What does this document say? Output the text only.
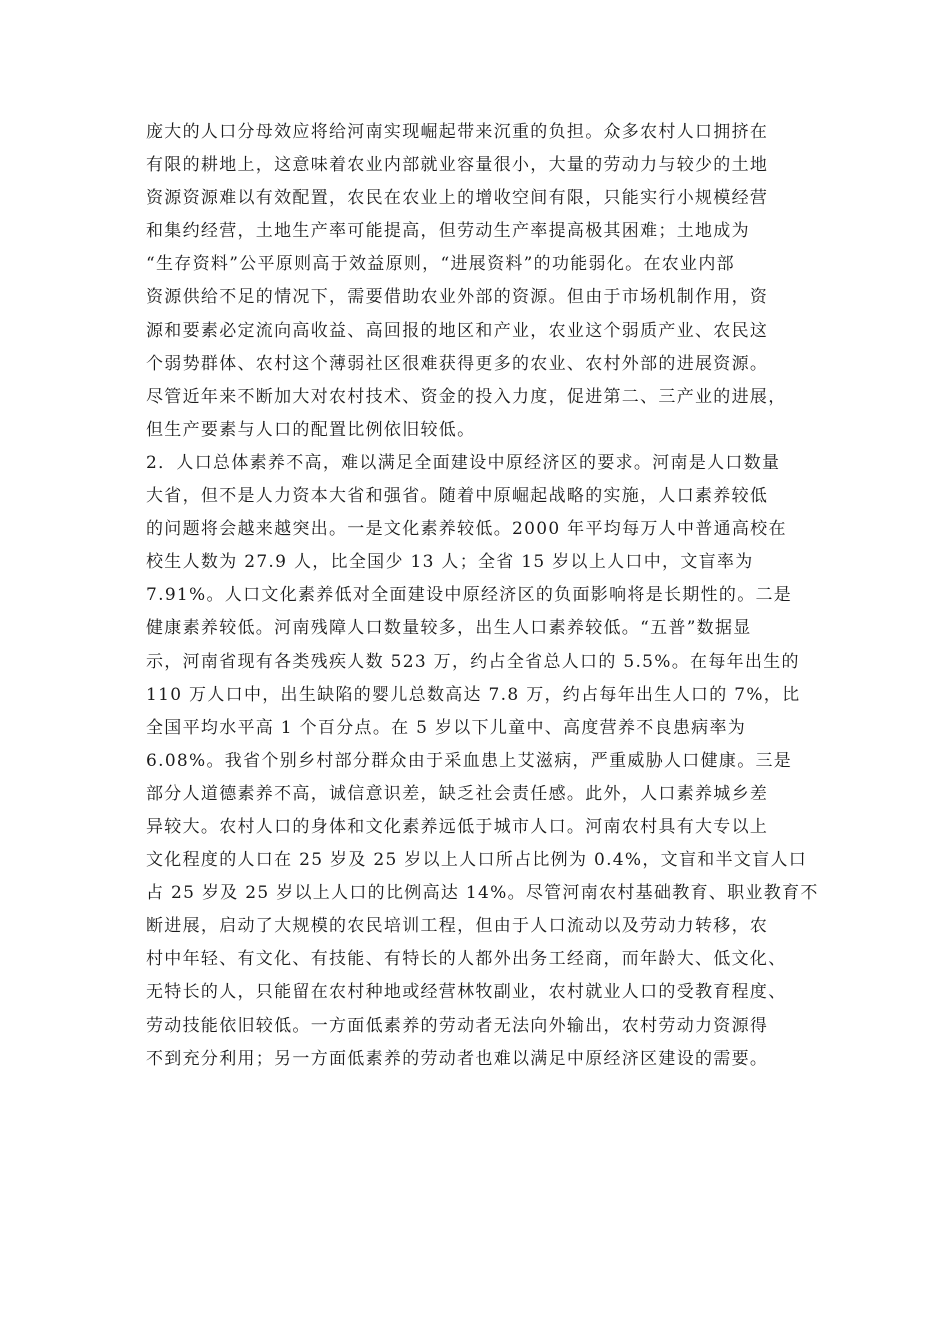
庞大的人口分母效应将给河南实现崛起带来沉重的负担。众多农村人口拥挤在
有限的耕地上，这意味着农业内部就业容量很小，大量的劳动力与较少的土地
资源资源难以有效配置，农民在农业上的增收空间有限，只能实行小规模经营
和集约经营，土地生产率可能提高，但劳动生产率提高极其困难；土地成为
“生存资料”公平原则高于效益原则，“进展资料”的功能弱化。在农业内部
资源供给不足的情况下，需要借助农业外部的资源。但由于市场机制作用，资
源和要素必定流向高收益、高回报的地区和产业，农业这个弱质产业、农民这
个弱势群体、农村这个薄弱社区很难获得更多的农业、农村外部的进展资源。
尽管近年来不断加大对农村技术、资金的投入力度，促进第二、三产业的进展，
但生产要素与人口的配置比例依旧较低。
2．人口总体素养不高，难以满足全面建设中原经济区的要求。河南是人口数量
大省，但不是人力资本大省和强省。随着中原崛起战略的实施，人口素养较低
的问题将会越来越突出。一是文化素养较低。2000 年平均每万人中普通高校在
校生人数为 27.9 人，比全国少 13 人；全省 15 岁以上人口中，文盲率为
7.91%。人口文化素养低对全面建设中原经济区的负面影响将是长期性的。二是
健康素养较低。河南残障人口数量较多，出生人口素养较低。“五普”数据显
示，河南省现有各类残疾人数 523 万，约占全省总人口的 5.5%。在每年出生的
110 万人口中，出生缺陷的婴儿总数高达 7.8 万，约占每年出生人口的 7%，比
全国平均水平高 1 个百分点。在 5 岁以下儿童中、高度营养不良患病率为
6.08%。我省个别乡村部分群众由于采血患上艾滋病，严重威胁人口健康。三是
部分人道德素养不高，诚信意识差，缺乏社会责任感。此外，人口素养城乡差
异较大。农村人口的身体和文化素养远低于城市人口。河南农村具有大专以上
文化程度的人口在 25 岁及 25 岁以上人口所占比例为 0.4%，文盲和半文盲人口
占 25 岁及 25 岁以上人口的比例高达 14%。尽管河南农村基础教育、职业教育不
断进展，启动了大规模的农民培训工程，但由于人口流动以及劳动力转移，农
村中年轻、有文化、有技能、有特长的人都外出务工经商，而年龄大、低文化、
无特长的人，只能留在农村种地或经营林牧副业，农村就业人口的受教育程度、
劳动技能依旧较低。一方面低素养的劳动者无法向外输出，农村劳动力资源得
不到充分利用；另一方面低素养的劳动者也难以满足中原经济区建设的需要。
